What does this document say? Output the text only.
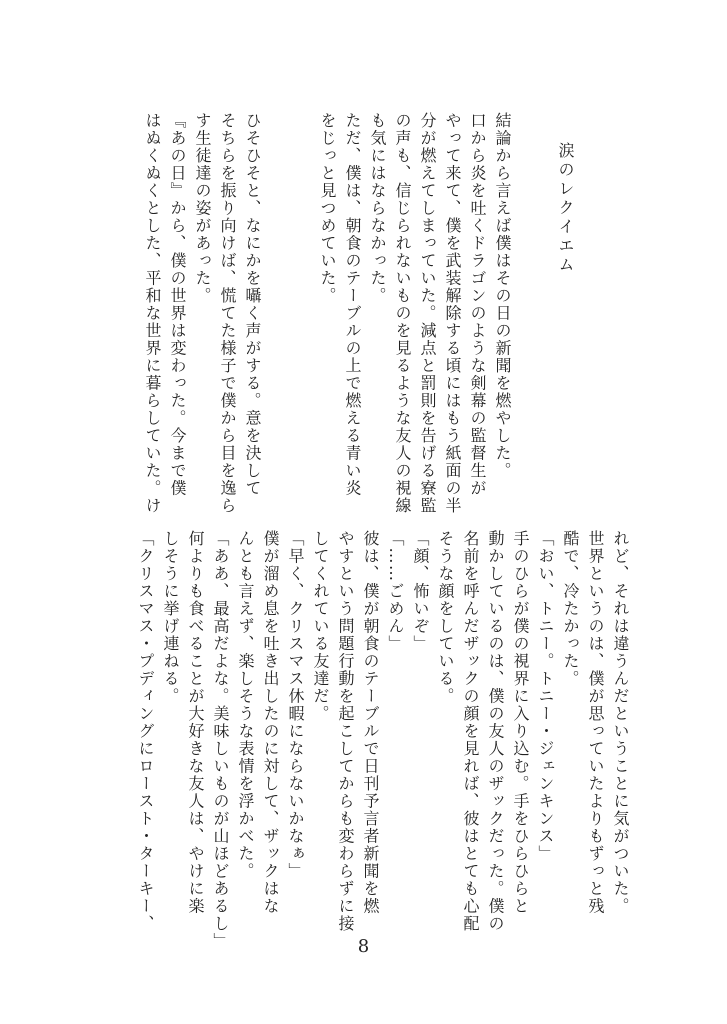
涙のレクイエム
結論から言えば僕はその日の新聞を燃やした。
口から炎を吐くドラゴンのような剣幕の監督生が
やって来て、僕を武装解除する頃にはもう紙面の半
分が燃えてしまっていた。減点と罰則を告げる寮監
の声も、信じられないものを見るような友人の視線
も気にはならなかった。
ただ、僕は、朝食のテーブルの上で燃える青い炎
をじっと見つめていた。

ひそひそと、なにかを囁く声がする。意を決して
そちらを振り向けば、慌てた様子で僕から目を逸ら
す生徒達の姿があった。
『あの日』から、僕の世界は変わった。今まで僕
はぬくぬくとした、平和な世界に暮らしていた。け
れど、それは違うんだということに気がついた。
世界というのは、僕が思っていたよりもずっと残
酷で、冷たかった。
「おい、トニー。トニー・ジェンキンス」
手のひらが僕の視界に入り込む。手をひらひらと
動かしているのは、僕の友人のザックだった。僕の
名前を呼んだザックの顔を見れば、彼はとても心配
そうな顔をしている。
「顔、怖いぞ」
「……ごめん」
彼は、僕が朝食のテーブルで日刊予言者新聞を燃
やすという問題行動を起こしてからも変わらずに接
してくれている友達だ。
「早く、クリスマス休暇にならないかなぁ」
僕が溜め息を吐き出したのに対して、ザックはな
んとも言えず、楽しそうな表情を浮かべた。
「ああ、最高だよな。美味しいものが山ほどあるし」
何よりも食べることが大好きな友人は、やけに楽
しそうに挙げ連ねる。
「クリスマス・プディングにロースト・ターキー、
8
